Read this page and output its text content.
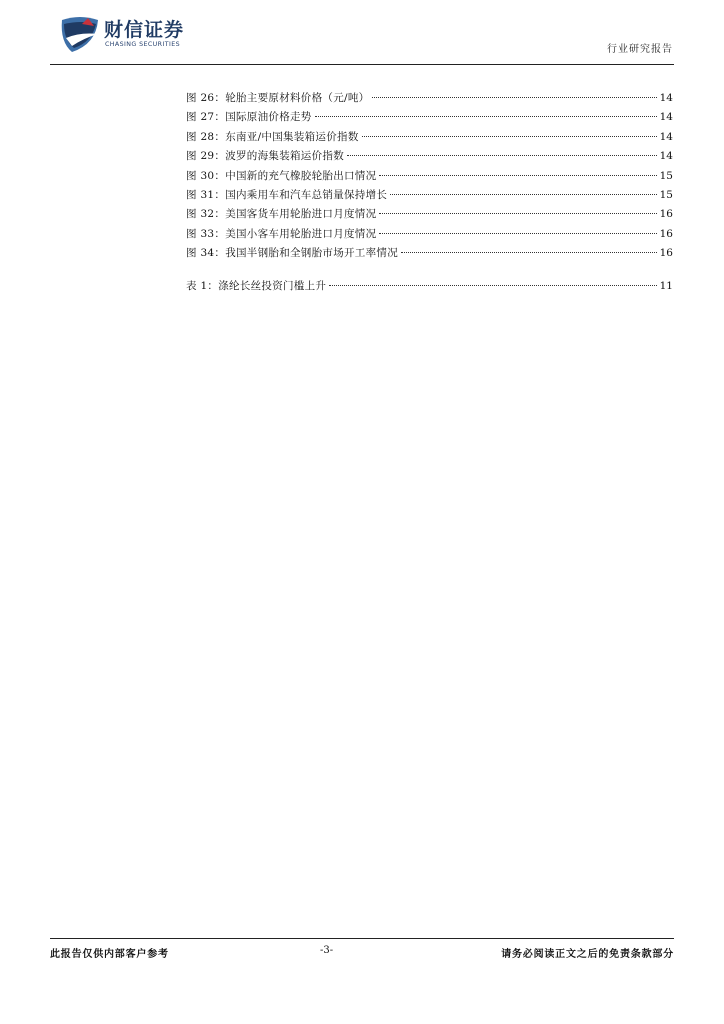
财信证券
CHASING SECURITIES	行业研究报告
图 26：轮胎主要原材料价格（元/吨）	14
图 27：国际原油价格走势	14
图 28：东南亚/中国集装箱运价指数	14
图 29：波罗的海集装箱运价指数	14
图 30：中国新的充气橡胶轮胎出口情况	15
图 31：国内乘用车和汽车总销量保持增长	15
图 32：美国客货车用轮胎进口月度情况	16
图 33：美国小客车用轮胎进口月度情况	16
图 34：我国半钢胎和全钢胎市场开工率情况	16
表 1：涤纶长丝投资门槛上升	11
此报告仅供内部客户参考	-3-	请务必阅读正文之后的免责条款部分
